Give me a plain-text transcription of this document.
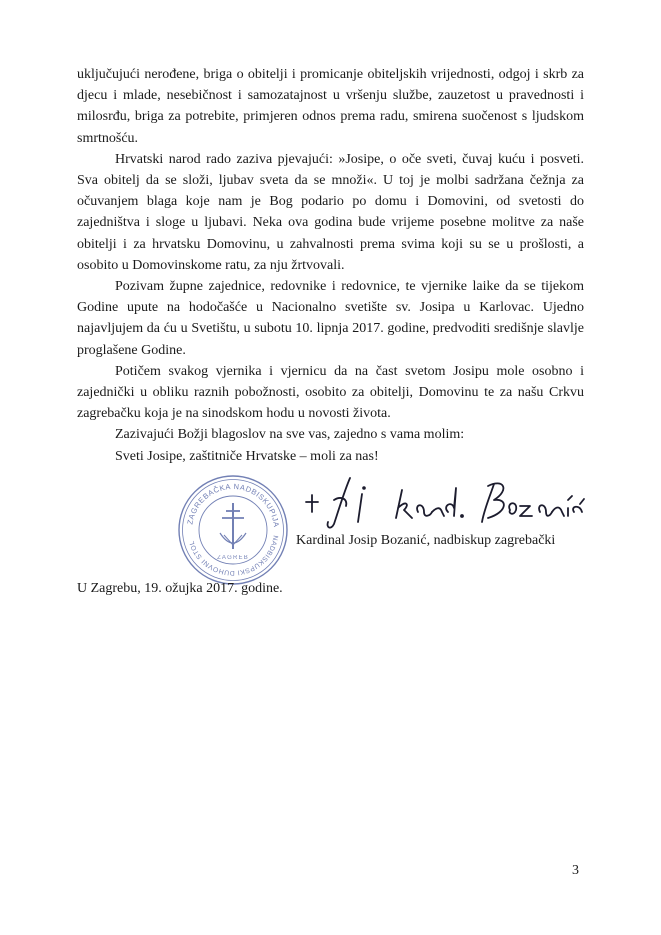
uključujući nerođene, briga o obitelji i promicanje obiteljskih vrijednosti, odgoj i skrb za djecu i mlade, nesebičnost i samozatajnost u vršenju službe, zauzetost u pravednosti i milosrđu, briga za potrebite, primjeren odnos prema radu, smirena suočenost s ljudskom smrtnošću.

Hrvatski narod rado zaziva pjevajući: »Josipe, o oče sveti, čuvaj kuću i posveti. Sva obitelj da se složi, ljubav sveta da se množi«. U toj je molbi sadržana čežnja za očuvanjem blaga koje nam je Bog podario po domu i Domovini, od svetosti do zajedništva i sloge u ljubavi. Neka ova godina bude vrijeme posebne molitve za naše obitelji i za hrvatsku Domovinu, u zahvalnosti prema svima koji su se u prošlosti, a osobito u Domovinskome ratu, za nju žrtvovali.

Pozivam župne zajednice, redovnike i redovnice, te vjernike laike da se tijekom Godine upute na hodočašće u Nacionalno svetište sv. Josipa u Karlovac. Ujedno najavljujem da ću u Svetištu, u subotu 10. lipnja 2017. godine, predvoditi središnje slavlje proglašene Godine.

Potičem svakog vjernika i vjernicu da na čast svetom Josipu mole osobno i zajednički u obliku raznih pobožnosti, osobito za obitelji, Domovinu te za našu Crkvu zagrebačku koja je na sinodskom hodu u novosti života.

Zazivajući Božji blagoslov na sve vas, zajedno s vama molim:

Sveti Josipe, zaštitniče Hrvatske – moli za nas!

ZAGREBAČKA NADBISKUPIJA
NADBISKUPSKI DUHOVNI STOL
ZAGREB
Kardinal Josip Bozanić, nadbiskup zagrebački
U Zagrebu, 19. ožujka 2017. godine.
3
